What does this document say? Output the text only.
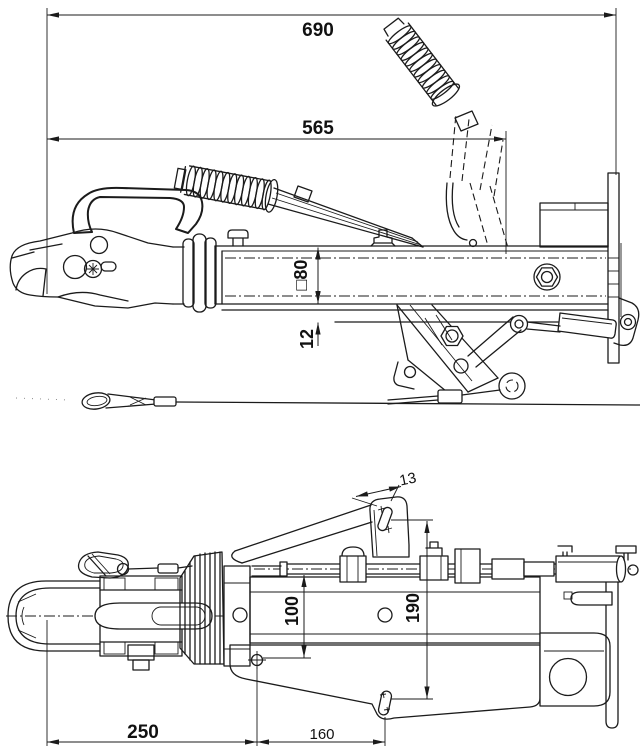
690
565
□80
12
13
190
100
250	160
